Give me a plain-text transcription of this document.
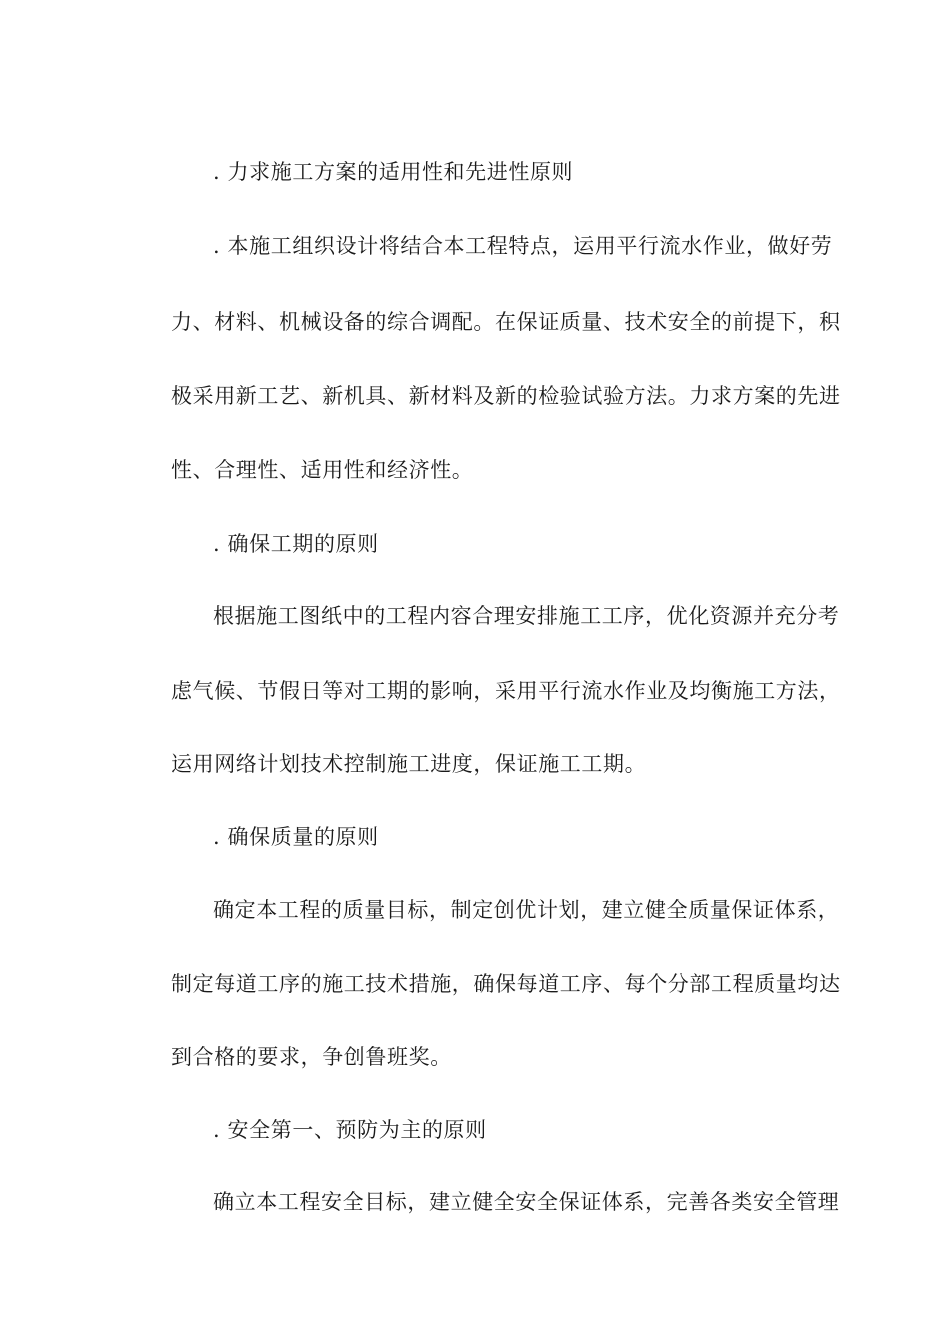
. 力求施工方案的适用性和先进性原则
. 本施工组织设计将结合本工程特点，运用平行流水作业，做好劳
力、材料、机械设备的综合调配。在保证质量、技术安全的前提下，积
极采用新工艺、新机具、新材料及新的检验试验方法。力求方案的先进
性、合理性、适用性和经济性。
. 确保工期的原则
根据施工图纸中的工程内容合理安排施工工序，优化资源并充分考
虑气候、节假日等对工期的影响，采用平行流水作业及均衡施工方法，
运用网络计划技术控制施工进度，保证施工工期。
. 确保质量的原则
确定本工程的质量目标，制定创优计划，建立健全质量保证体系，
制定每道工序的施工技术措施，确保每道工序、每个分部工程质量均达
到合格的要求，争创鲁班奖。
. 安全第一、预防为主的原则
确立本工程安全目标，建立健全安全保证体系，完善各类安全管理
